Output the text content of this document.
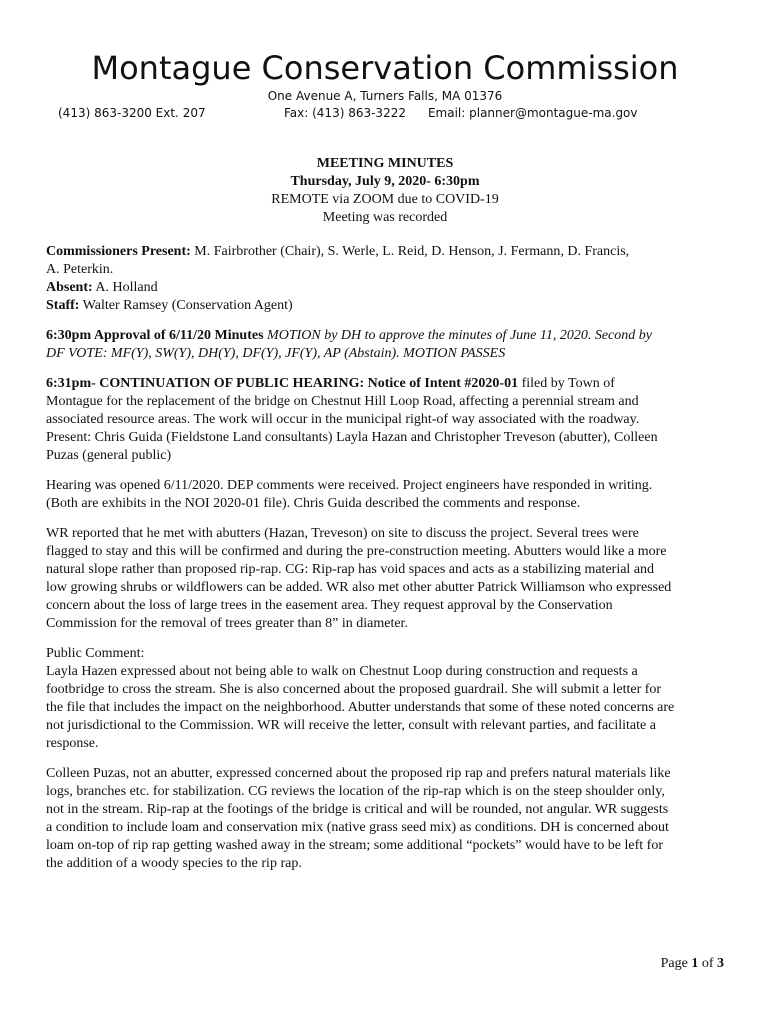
Montague Conservation Commission
One Avenue A, Turners Falls, MA 01376
(413) 863-3200 Ext. 207	Fax: (413) 863-3222 Email: planner@montague-ma.gov
MEETING MINUTES
Thursday, July 9, 2020- 6:30pm
REMOTE via ZOOM due to COVID-19
Meeting was recorded

Commissioners Present: M. Fairbrother (Chair), S. Werle, L. Reid, D. Henson, J. Fermann, D. Francis,
A. Peterkin.
Absent: A. Holland
Staff: Walter Ramsey (Conservation Agent)

6:30pm Approval of 6/11/20 Minutes MOTION by DH to approve the minutes of June 11, 2020. Second by
DF VOTE: MF(Y), SW(Y), DH(Y), DF(Y), JF(Y), AP (Abstain). MOTION PASSES

6:31pm- CONTINUATION OF PUBLIC HEARING: Notice of Intent #2020-01 filed by Town of
Montague for the replacement of the bridge on Chestnut Hill Loop Road, affecting a perennial stream and
associated resource areas. The work will occur in the municipal right-of way associated with the roadway.
Present: Chris Guida (Fieldstone Land consultants) Layla Hazan and Christopher Treveson (abutter), Colleen
Puzas (general public)

Hearing was opened 6/11/2020. DEP comments were received. Project engineers have responded in writing.
(Both are exhibits in the NOI 2020-01 file). Chris Guida described the comments and response.

WR reported that he met with abutters (Hazan, Treveson) on site to discuss the project. Several trees were
flagged to stay and this will be confirmed and during the pre-construction meeting. Abutters would like a more
natural slope rather than proposed rip-rap. CG: Rip-rap has void spaces and acts as a stabilizing material and
low growing shrubs or wildflowers can be added. WR also met other abutter Patrick Williamson who expressed
concern about the loss of large trees in the easement area. They request approval by the Conservation
Commission for the removal of trees greater than 8” in diameter.

Public Comment:
Layla Hazen expressed about not being able to walk on Chestnut Loop during construction and requests a
footbridge to cross the stream. She is also concerned about the proposed guardrail. She will submit a letter for
the file that includes the impact on the neighborhood. Abutter understands that some of these noted concerns are
not jurisdictional to the Commission. WR will receive the letter, consult with relevant parties, and facilitate a
response.

Colleen Puzas, not an abutter, expressed concerned about the proposed rip rap and prefers natural materials like
logs, branches etc. for stabilization. CG reviews the location of the rip-rap which is on the steep shoulder only,
not in the stream. Rip-rap at the footings of the bridge is critical and will be rounded, not angular. WR suggests
a condition to include loam and conservation mix (native grass seed mix) as conditions. DH is concerned about
loam on-top of rip rap getting washed away in the stream; some additional “pockets” would have to be left for
the addition of a woody species to the rip rap.

Page 1 of 3
